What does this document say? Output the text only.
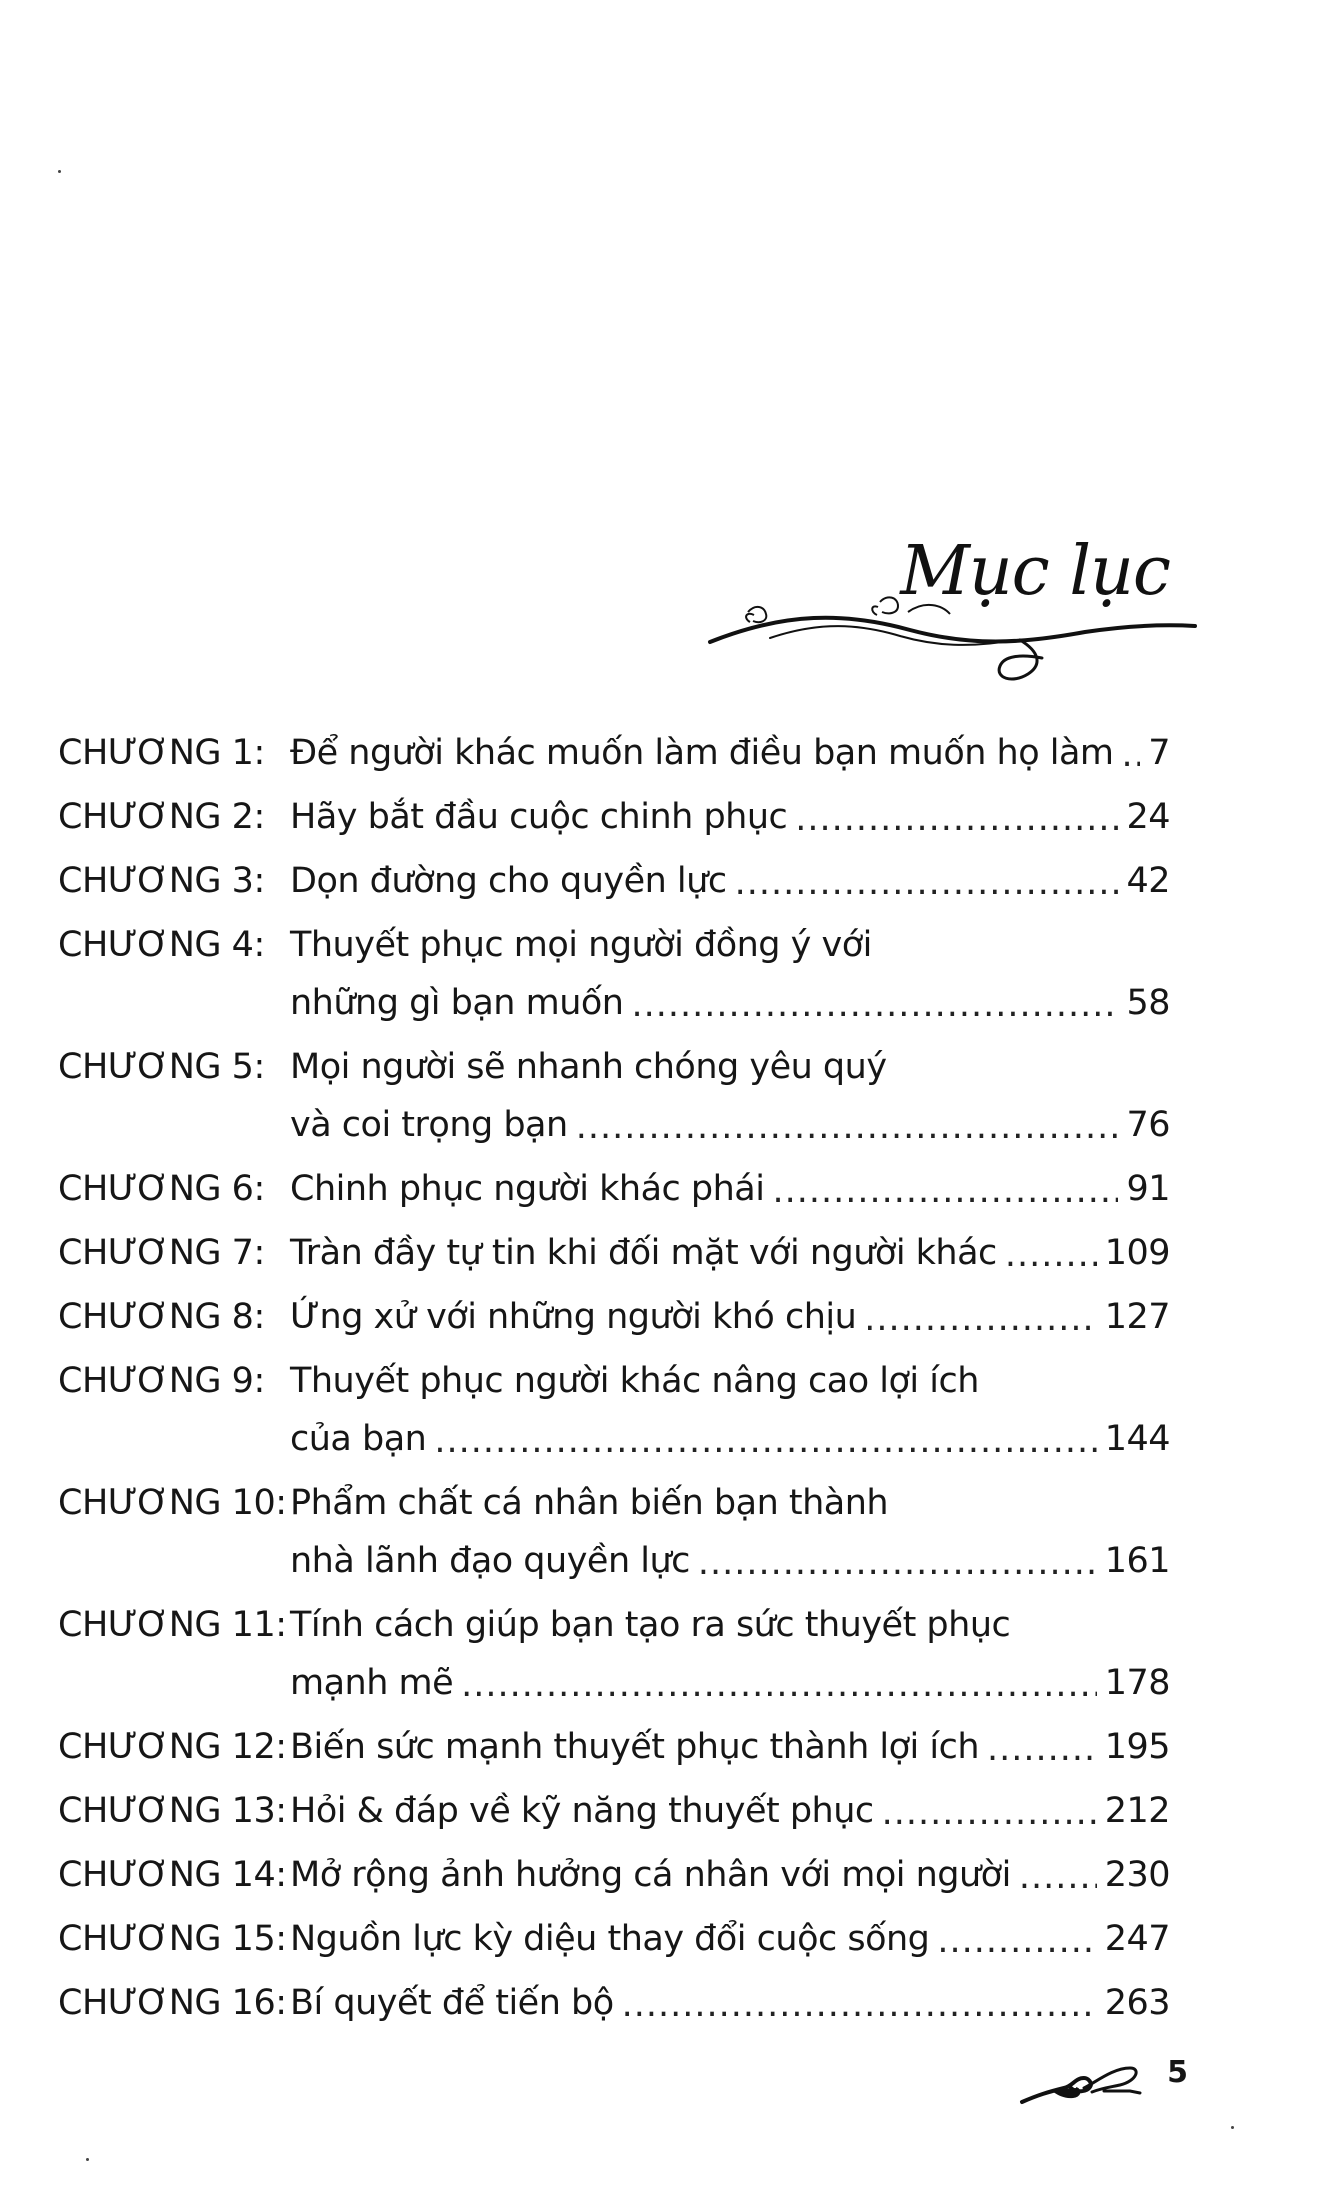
Mục lục
CHƯƠNG 1: Để người khác muốn làm điều bạn muốn họ làm ..... 7
CHƯƠNG 2: Hãy bắt đầu cuộc chinh phục .....	24
CHƯƠNG 3: Dọn đường cho quyền lực .....	42
CHƯƠNG 4: Thuyết phục mọi người đồng ý với
những gì bạn muốn .....	58
CHƯƠNG 5: Mọi người sẽ nhanh chóng yêu quý
và coi trọng bạn .....	76
CHƯƠNG 6: Chinh phục người khác phái .....	91
CHƯƠNG 7: Tràn đầy tự tin khi đối mặt với người khác .....	109
CHƯƠNG 8: Ứng xử với những người khó chịu .....	127
CHƯƠNG 9: Thuyết phục người khác nâng cao lợi ích
của bạn .....	144
CHƯƠNG 10: Phẩm chất cá nhân biến bạn thành
nhà lãnh đạo quyền lực .....	161
CHƯƠNG 11: Tính cách giúp bạn tạo ra sức thuyết phục
mạnh mẽ .....	178
CHƯƠNG 12: Biến sức mạnh thuyết phục thành lợi ích .....	195
CHƯƠNG 13: Hỏi & đáp về kỹ năng thuyết phục .....	212
CHƯƠNG 14: Mở rộng ảnh hưởng cá nhân với mọi người .....	230
CHƯƠNG 15: Nguồn lực kỳ diệu thay đổi cuộc sống .....	247
CHƯƠNG 16: Bí quyết để tiến bộ .....	263
5
